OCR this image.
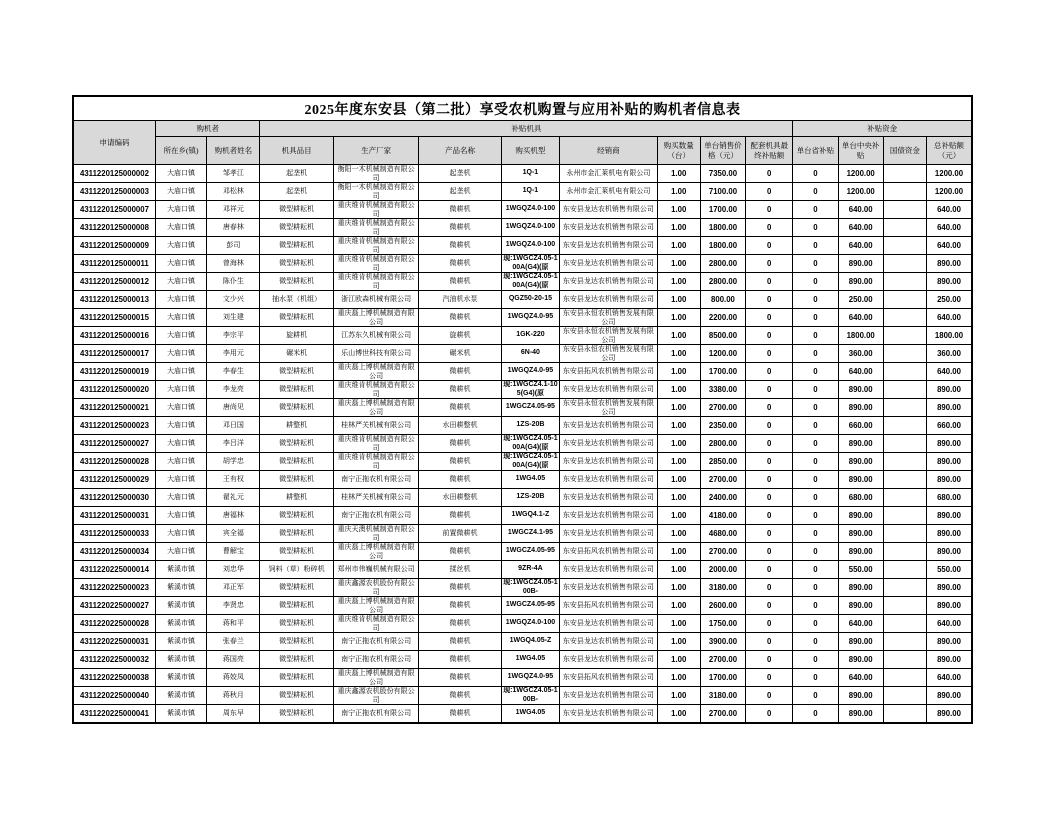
2025年度东安县（第二批）享受农机购置与应用补贴的购机者信息表														
申请编码	购机者		补贴机具								补贴资金			
	所在乡(镇)	购机者姓名	机具品目	生产厂家	产品名称	购买机型	经销商	购买数量（台）	单台销售价格（元）	配套机具最终补贴额	单台省补贴	单台中央补贴	国债资金	总补贴额（元）
4311220125000002	大庙口镇	邹孝江	起垄机	衡阳一木机械制造有限公司	起垄机	1Q-1	永州市金汇莱机电有限公司	1.00	7350.00	0	0	1200.00		1200.00
4311220125000003	大庙口镇	邓松林	起垄机	衡阳一木机械制造有限公司	起垄机	1Q-1	永州市金汇莱机电有限公司	1.00	7100.00	0	0	1200.00		1200.00
4311220125000007	大庙口镇	邓祥元	微型耕耘机	重庆维肯机械制造有限公司	微耕机	1WGQZ4.0-100	东安县龙达农机销售有限公司	1.00	1700.00	0	0	640.00		640.00
4311220125000008	大庙口镇	唐春林	微型耕耘机	重庆维肯机械制造有限公司	微耕机	1WGQZ4.0-100	东安县龙达农机销售有限公司	1.00	1800.00	0	0	640.00		640.00
4311220125000009	大庙口镇	彭司	微型耕耘机	重庆维肯机械制造有限公司	微耕机	1WGQZ4.0-100	东安县龙达农机销售有限公司	1.00	1800.00	0	0	640.00		640.00
4311220125000011	大庙口镇	曾海林	微型耕耘机	重庆维肯机械制造有限公司	微耕机	现:1WGCZ4.05-100A(G4)(原	东安县龙达农机销售有限公司	1.00	2800.00	0	0	890.00		890.00
4311220125000012	大庙口镇	陈仆生	微型耕耘机	重庆维肯机械制造有限公司	微耕机	现:1WGCZ4.05-100A(G4)(原	东安县龙达农机销售有限公司	1.00	2800.00	0	0	890.00		890.00
4311220125000013	大庙口镇	文少兴	抽水泵（机组）	浙江欧森机械有限公司	汽油机水泵	QGZ50-20-15	东安县龙达农机销售有限公司	1.00	800.00	0	0	250.00		250.00
4311220125000015	大庙口镇	刘生建	微型耕耘机	重庆磊上博机械制造有限公司	微耕机	1WGQZ4.0-95	东安县永恒农机销售发展有限公司	1.00	2200.00	0	0	640.00		640.00
4311220125000016	大庙口镇	李宗平	旋耕机	江苏东久机械有限公司	旋耕机	1GK-220	东安县永恒农机销售发展有限公司	1.00	8500.00	0	0	1800.00		1800.00
4311220125000017	大庙口镇	李用元	碾米机	乐山博世科技有限公司	碾米机	6N-40	东安县永恒农机销售发展有限公司	1.00	1200.00	0	0	360.00		360.00
4311220125000019	大庙口镇	李春生	微型耕耘机	重庆磊上博机械制造有限公司	微耕机	1WGQZ4.0-95	东安县拓风农机销售有限公司	1.00	1700.00	0	0	640.00		640.00
4311220125000020	大庙口镇	李龙亮	微型耕耘机	重庆维肯机械制造有限公司	微耕机	现:1WGCZ4.1-105(G4)(原	东安县龙达农机销售有限公司	1.00	3380.00	0	0	890.00		890.00
4311220125000021	大庙口镇	唐尚见	微型耕耘机	重庆磊上博机械制造有限公司	微耕机	1WGCZ4.05-95	东安县永恒农机销售发展有限公司	1.00	2700.00	0	0	890.00		890.00
4311220125000023	大庙口镇	邓日国	耕整机	桂林严关机械有限公司	水田耕整机	1ZS-20B	东安县龙达农机销售有限公司	1.00	2350.00	0	0	660.00		660.00
4311220125000027	大庙口镇	李吕洋	微型耕耘机	重庆维肯机械制造有限公司	微耕机	现:1WGCZ4.05-100A(G4)(原	东安县龙达农机销售有限公司	1.00	2800.00	0	0	890.00		890.00
4311220125000028	大庙口镇	胡学忠	微型耕耘机	重庆维肯机械制造有限公司	微耕机	现:1WGCZ4.05-100A(G4)(原	东安县龙达农机销售有限公司	1.00	2850.00	0	0	890.00		890.00
4311220125000029	大庙口镇	王有权	微型耕耘机	南宁正拖农机有限公司	微耕机	1WG4.05	东安县龙达农机销售有限公司	1.00	2700.00	0	0	890.00		890.00
4311220125000030	大庙口镇	翟礼元	耕整机	桂林严关机械有限公司	水田耕整机	1ZS-20B	东安县龙达农机销售有限公司	1.00	2400.00	0	0	680.00		680.00
4311220125000031	大庙口镇	唐福林	微型耕耘机	南宁正拖农机有限公司	微耕机	1WGQ4.1-Z	东安县龙达农机销售有限公司	1.00	4180.00	0	0	890.00		890.00
4311220125000033	大庙口镇	宾全福	微型耕耘机	重庆天澳机械制造有限公司	前置微耕机	1WGCZ4.1-95	东安县龙达农机销售有限公司	1.00	4680.00	0	0	890.00		890.00
4311220125000034	大庙口镇	曹解宝	微型耕耘机	重庆磊上博机械制造有限公司	微耕机	1WGCZ4.05-95	东安县拓风农机销售有限公司	1.00	2700.00	0	0	890.00		890.00
4311220225000014	紫溪市镇	刘忠华	饲料（草）粉碎机	郑州市伟巍机械有限公司	揉丝机	9ZR-4A	东安县龙达农机销售有限公司	1.00	2000.00	0	0	550.00		550.00
4311220225000023	紫溪市镇	邓正军	微型耕耘机	重庆鑫源农机股份有限公司	微耕机	现:1WGCZ4.05-100B-	东安县龙达农机销售有限公司	1.00	3180.00	0	0	890.00		890.00
4311220225000027	紫溪市镇	李贤忠	微型耕耘机	重庆磊上博机械制造有限公司	微耕机	1WGCZ4.05-95	东安县拓风农机销售有限公司	1.00	2600.00	0	0	890.00		890.00
4311220225000028	紫溪市镇	蒋和平	微型耕耘机	重庆维肯机械制造有限公司	微耕机	1WGQZ4.0-100	东安县龙达农机销售有限公司	1.00	1750.00	0	0	640.00		640.00
4311220225000031	紫溪市镇	张春兰	微型耕耘机	南宁正拖农机有限公司	微耕机	1WGQ4.05-Z	东安县龙达农机销售有限公司	1.00	3900.00	0	0	890.00		890.00
4311220225000032	紫溪市镇	蒋国亮	微型耕耘机	南宁正拖农机有限公司	微耕机	1WG4.05	东安县龙达农机销售有限公司	1.00	2700.00	0	0	890.00		890.00
4311220225000038	紫溪市镇	蒋姣凤	微型耕耘机	重庆磊上博机械制造有限公司	微耕机	1WGQZ4.0-95	东安县拓风农机销售有限公司	1.00	1700.00	0	0	640.00		640.00
4311220225000040	紫溪市镇	蒋秋月	微型耕耘机	重庆鑫源农机股份有限公司	微耕机	现:1WGCZ4.05-100B-	东安县龙达农机销售有限公司	1.00	3180.00	0	0	890.00		890.00
4311220225000041	紫溪市镇	周东早	微型耕耘机	南宁正拖农机有限公司	微耕机	1WG4.05	东安县龙达农机销售有限公司	1.00	2700.00	0	0	890.00		890.00
